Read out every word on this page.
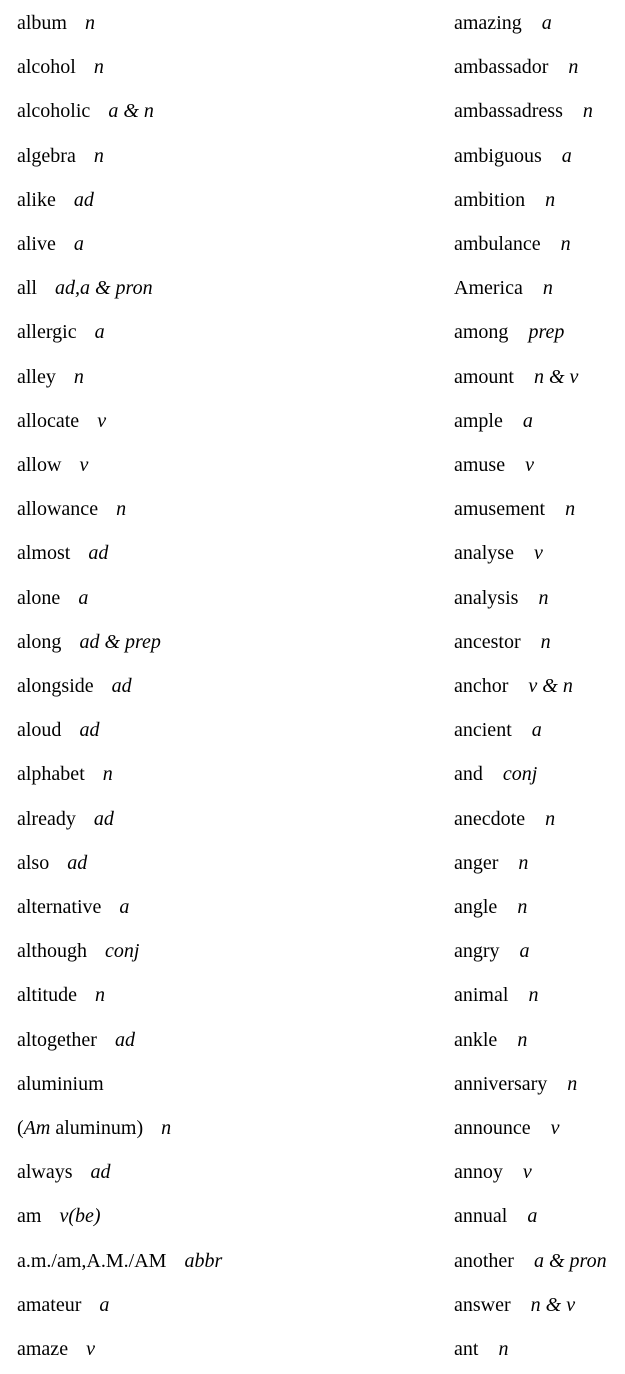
album n
alcohol n
alcoholic a & n
algebra n
alike ad
alive a
all ad,a & pron
allergic a
alley n
allocate v
allow v
allowance n
almost ad
alone a
along ad & prep
alongside ad
aloud ad
alphabet n
already ad
also ad
alternative a
although conj
altitude n
altogether ad
aluminium
(Am aluminum) n
always ad
am v(be)
a.m./am,A.M./AM abbr
amateur a
amaze v
amazing a
ambassador n
ambassadress n
ambiguous a
ambition n
ambulance n
America n
among prep
amount n & v
ample a
amuse v
amusement n
analyse v
analysis n
ancestor n
anchor v & n
ancient a
and conj
anecdote n
anger n
angle n
angry a
animal n
ankle n
anniversary n
announce v
annoy v
annual a
another a & pron
answer n & v
ant n
